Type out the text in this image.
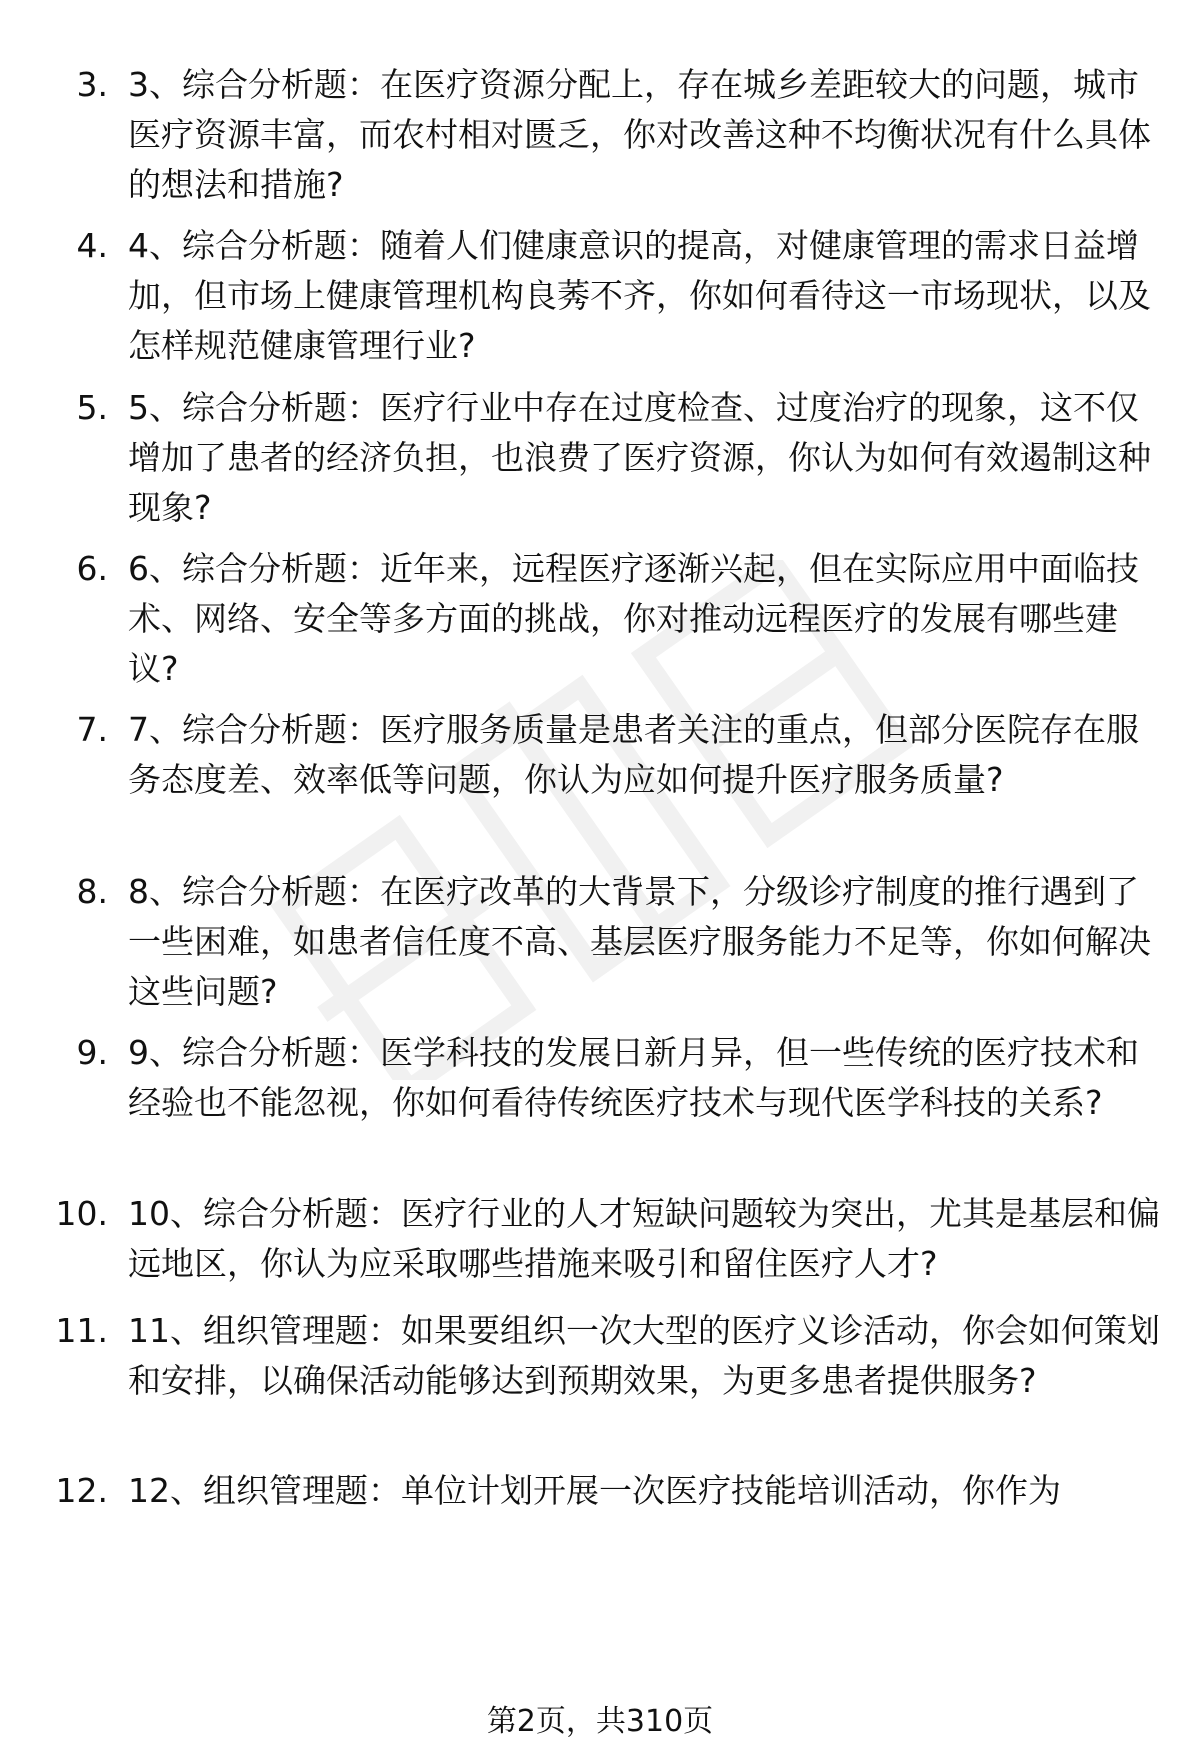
3. 3、综合分析题：在医疗资源分配上，存在城乡差距较大的问题，城市医疗资源丰富，而农村相对匮乏，你对改善这种不均衡状况有什么具体的想法和措施?
4. 4、综合分析题：随着人们健康意识的提高，对健康管理的需求日益增加，但市场上健康管理机构良莠不齐，你如何看待这一市场现状，以及怎样规范健康管理行业?
5. 5、综合分析题：医疗行业中存在过度检查、过度治疗的现象，这不仅增加了患者的经济负担，也浪费了医疗资源，你认为如何有效遏制这种现象?
6. 6、综合分析题：近年来，远程医疗逐渐兴起，但在实际应用中面临技术、网络、安全等多方面的挑战，你对推动远程医疗的发展有哪些建议?
7. 7、综合分析题：医疗服务质量是患者关注的重点，但部分医院存在服务态度差、效率低等问题，你认为应如何提升医疗服务质量?
8. 8、综合分析题：在医疗改革的大背景下，分级诊疗制度的推行遇到了一些困难，如患者信任度不高、基层医疗服务能力不足等，你如何解决这些问题?
9. 9、综合分析题：医学科技的发展日新月异，但一些传统的医疗技术和经验也不能忽视，你如何看待传统医疗技术与现代医学科技的关系?
10. 10、综合分析题：医疗行业的人才短缺问题较为突出，尤其是基层和偏远地区，你认为应采取哪些措施来吸引和留住医疗人才?
11. 11、组织管理题：如果要组织一次大型的医疗义诊活动，你会如何策划和安排，以确保活动能够达到预期效果，为更多患者提供服务?
12. 12、组织管理题：单位计划开展一次医疗技能培训活动，你作为
第2页，共310页
